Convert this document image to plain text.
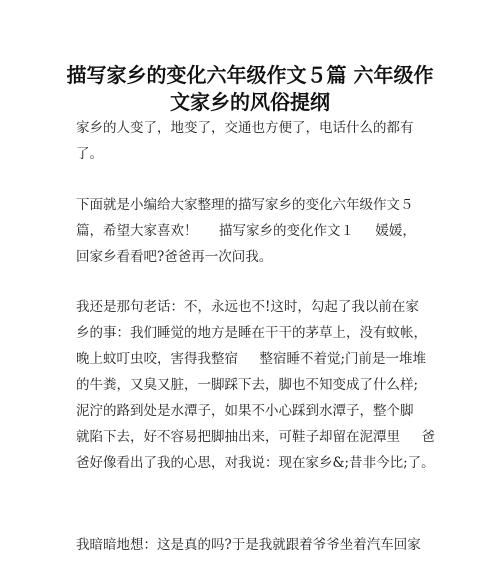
描写家乡的变化六年级作文５篇 六年级作
文家乡的风俗提纲
家乡的人变了，地变了，交通也方便了，电话什么的都有
了。
下面就是小编给大家整理的描写家乡的变化六年级作文５
篇，希望大家喜欢！     描写家乡的变化作文１     媛媛，
回家乡看看吧?爸爸再一次问我。
我还是那句老话：不，永远也不!这时，勾起了我以前在家
乡的事：我们睡觉的地方是睡在干干的茅草上，没有蚊帐，
晚上蚊叮虫咬，害得我整宿     整宿睡不着觉;门前是一堆堆
的牛粪，又臭又脏，一脚踩下去，脚也不知变成了什么样;
泥泞的路到处是水潭子，如果不小心踩到水潭子，整个脚
就陷下去，好不容易把脚抽出来，可鞋子却留在泥潭里     爸
爸好像看出了我的心思，对我说：现在家乡&;昔非今比;了。
我暗暗地想：这是真的吗?于是我就跟着爷爷坐着汽车回家
